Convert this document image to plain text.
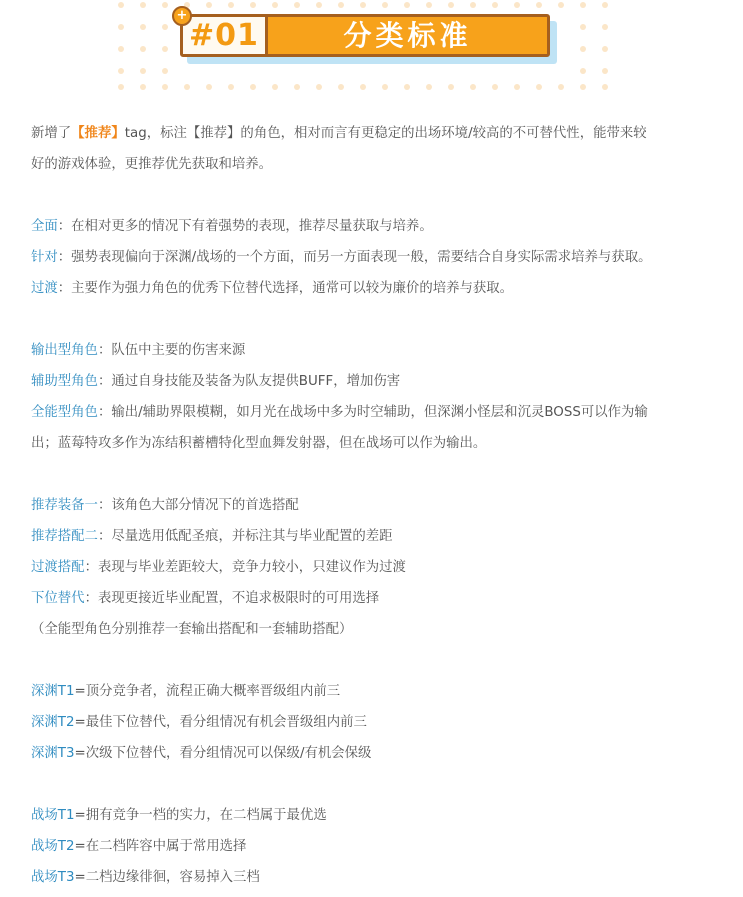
#01	分类标准
+
新增了【推荐】tag，标注【推荐】的角色，相对而言有更稳定的出场环境/较高的不可替代性，能带来较
好的游戏体验，更推荐优先获取和培养。
全面：在相对更多的情况下有着强势的表现，推荐尽量获取与培养。
针对：强势表现偏向于深渊/战场的一个方面，而另一方面表现一般，需要结合自身实际需求培养与获取。
过渡：主要作为强力角色的优秀下位替代选择，通常可以较为廉价的培养与获取。
输出型角色：队伍中主要的伤害来源
辅助型角色：通过自身技能及装备为队友提供BUFF，增加伤害
全能型角色：输出/辅助界限模糊，如月光在战场中多为时空辅助，但深渊小怪层和沉灵BOSS可以作为输
出；蓝莓特攻多作为冻结积蓄槽特化型血舞发射器，但在战场可以作为输出。
推荐装备一：该角色大部分情况下的首选搭配
推荐搭配二：尽量选用低配圣痕，并标注其与毕业配置的差距
过渡搭配：表现与毕业差距较大，竞争力较小，只建议作为过渡
下位替代：表现更接近毕业配置，不追求极限时的可用选择
（全能型角色分别推荐一套输出搭配和一套辅助搭配）
深渊T1=顶分竞争者，流程正确大概率晋级组内前三
深渊T2=最佳下位替代，看分组情况有机会晋级组内前三
深渊T3=次级下位替代，看分组情况可以保级/有机会保级
战场T1=拥有竞争一档的实力，在二档属于最优选
战场T2=在二档阵容中属于常用选择
战场T3=二档边缘徘徊，容易掉入三档
